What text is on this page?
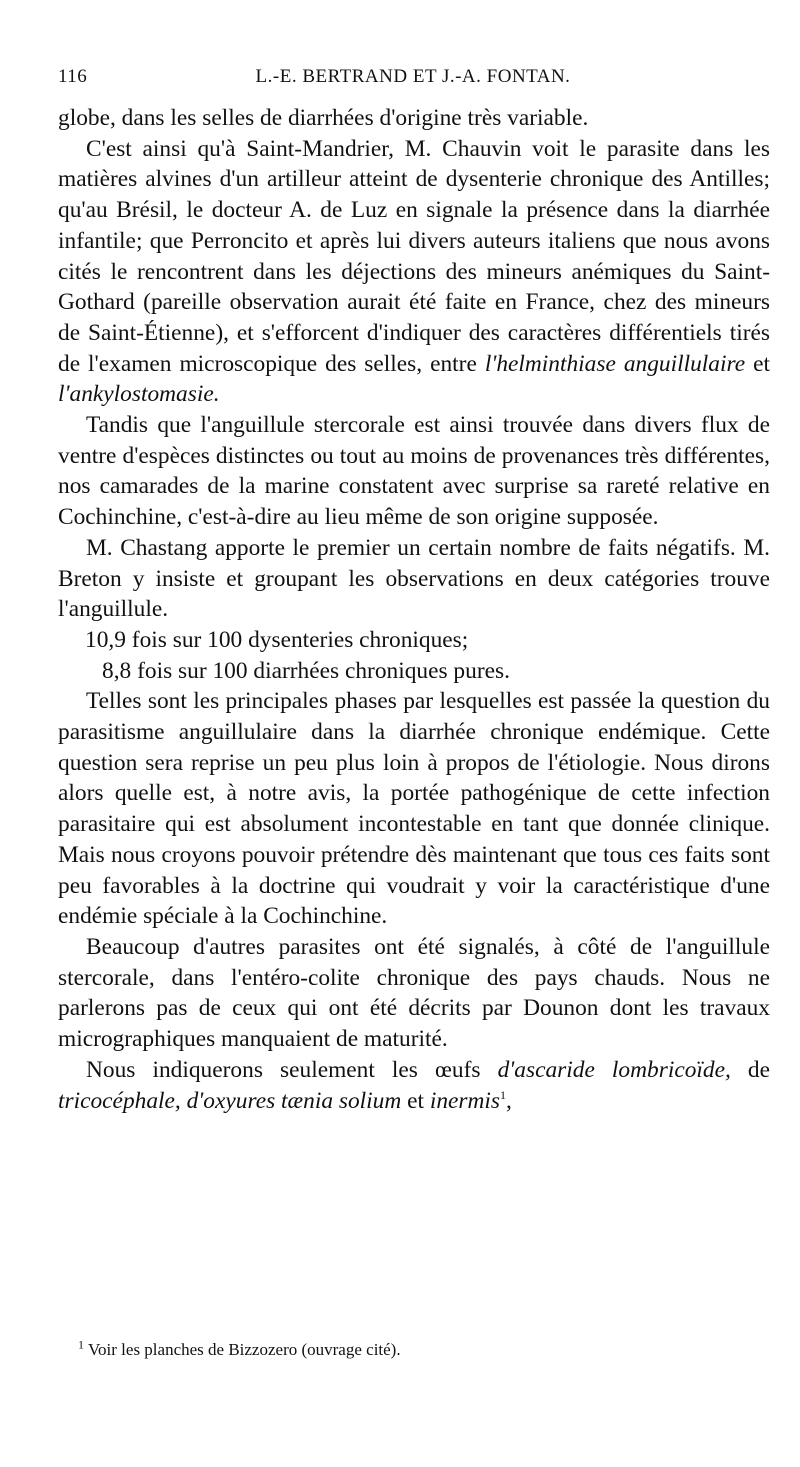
116	L.-E. BERTRAND ET J.-A. FONTAN.

globe, dans les selles de diarrhées d'origine très variable.

C'est ainsi qu'à Saint-Mandrier, M. Chauvin voit le parasite dans les matières alvines d'un artilleur atteint de dysenterie chronique des Antilles; qu'au Brésil, le docteur A. de Luz en signale la présence dans la diarrhée infantile; que Perroncito et après lui divers auteurs italiens que nous avons cités le rencontrent dans les déjections des mineurs anémiques du Saint-Gothard (pareille observation aurait été faite en France, chez des mineurs de Saint-Étienne), et s'efforcent d'indiquer des caractères différentiels tirés de l'examen microscopique des selles, entre l'helminthiase anguillulaire et l'ankylostomasie.

Tandis que l'anguillule stercorale est ainsi trouvée dans divers flux de ventre d'espèces distinctes ou tout au moins de provenances très différentes, nos camarades de la marine constatent avec surprise sa rareté relative en Cochinchine, c'est-à-dire au lieu même de son origine supposée.

M. Chastang apporte le premier un certain nombre de faits négatifs. M. Breton y insiste et groupant les observations en deux catégories trouve l'anguillule.

10,9 fois sur 100 dysenteries chroniques;

8,8 fois sur 100 diarrhées chroniques pures.

Telles sont les principales phases par lesquelles est passée la question du parasitisme anguillulaire dans la diarrhée chronique endémique. Cette question sera reprise un peu plus loin à propos de l'étiologie. Nous dirons alors quelle est, à notre avis, la portée pathogénique de cette infection parasitaire qui est absolument incontestable en tant que donnée clinique. Mais nous croyons pouvoir prétendre dès maintenant que tous ces faits sont peu favorables à la doctrine qui voudrait y voir la caractéristique d'une endémie spéciale à la Cochinchine.

Beaucoup d'autres parasites ont été signalés, à côté de l'anguillule stercorale, dans l'entéro-colite chronique des pays chauds. Nous ne parlerons pas de ceux qui ont été décrits par Dounon dont les travaux micrographiques manquaient de maturité.

Nous indiquerons seulement les œufs d'ascaride lombricoïde, de tricocéphale, d'oxyures tænia solium et inermis$^1$,

$^1$ Voir les planches de Bizzozero (ouvrage cité).
